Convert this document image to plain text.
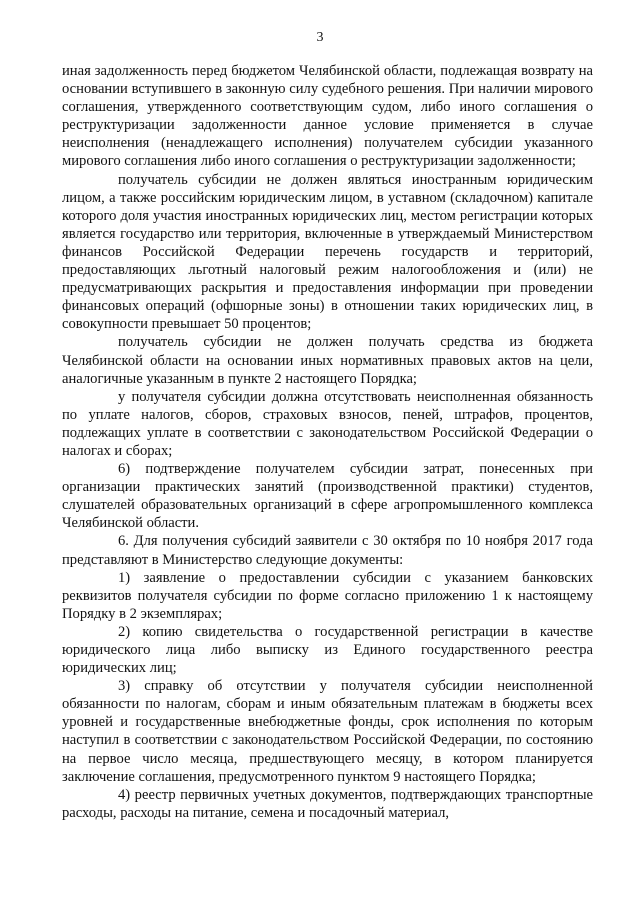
3

иная задолженность перед бюджетом Челябинской области, подлежащая возврату на основании вступившего в законную силу судебного решения. При наличии мирового соглашения, утвержденного соответствующим судом, либо иного соглашения о реструктуризации задолженности данное условие применяется в случае неисполнения (ненадлежащего исполнения) получателем субсидии указанного мирового соглашения либо иного соглашения о реструктуризации задолженности;

получатель субсидии не должен являться иностранным юридическим лицом, а также российским юридическим лицом, в уставном (складочном) капитале которого доля участия иностранных юридических лиц, местом регистрации которых является государство или территория, включенные в утверждаемый Министерством финансов Российской Федерации перечень государств и территорий, предоставляющих льготный налоговый режим налогообложения и (или) не предусматривающих раскрытия и предоставления информации при проведении финансовых операций (офшорные зоны) в отношении таких юридических лиц, в совокупности превышает 50 процентов;

получатель субсидии не должен получать средства из бюджета Челябинской области на основании иных нормативных правовых актов на цели, аналогичные указанным в пункте 2 настоящего Порядка;

у получателя субсидии должна отсутствовать неисполненная обязанность по уплате налогов, сборов, страховых взносов, пеней, штрафов, процентов, подлежащих уплате в соответствии с законодательством Российской Федерации о налогах и сборах;

6) подтверждение получателем субсидии затрат, понесенных при организации практических занятий (производственной практики) студентов, слушателей образовательных организаций в сфере агропромышленного комплекса Челябинской области.

6. Для получения субсидий заявители с 30 октября по 10 ноября 2017 года представляют в Министерство следующие документы:

1) заявление о предоставлении субсидии с указанием банковских реквизитов получателя субсидии по форме согласно приложению 1 к настоящему Порядку в 2 экземплярах;

2) копию свидетельства о государственной регистрации в качестве юридического лица либо выписку из Единого государственного реестра юридических лиц;

3) справку об отсутствии у получателя субсидии неисполненной обязанности по налогам, сборам и иным обязательным платежам в бюджеты всех уровней и государственные внебюджетные фонды, срок исполнения по которым наступил в соответствии с законодательством Российской Федерации, по состоянию на первое число месяца, предшествующего месяцу, в котором планируется заключение соглашения, предусмотренного пунктом 9 настоящего Порядка;

4) реестр первичных учетных документов, подтверждающих транспортные расходы, расходы на питание, семена и посадочный материал,
